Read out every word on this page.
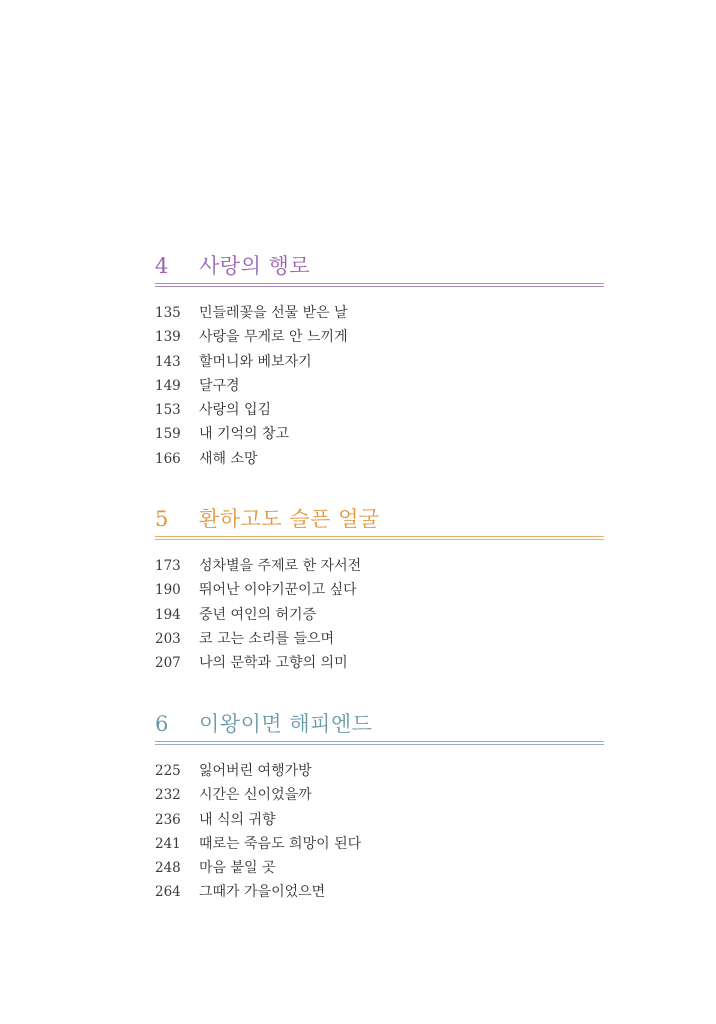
4 사랑의 행로
135 민들레꽃을 선물 받은 날
139 사랑을 무게로 안 느끼게
143 할머니와 베보자기
149 달구경
153 사랑의 입김
159 내 기억의 창고
166 새해 소망
5 환하고도 슬픈 얼굴
173 성차별을 주제로 한 자서전
190 뛰어난 이야기꾼이고 싶다
194 중년 여인의 허기증
203 코 고는 소리를 들으며
207 나의 문학과 고향의 의미
6 이왕이면 해피엔드
225 잃어버린 여행가방
232 시간은 신이었을까
236 내 식의 귀향
241 때로는 죽음도 희망이 된다
248 마음 붙일 곳
264 그때가 가을이었으면
